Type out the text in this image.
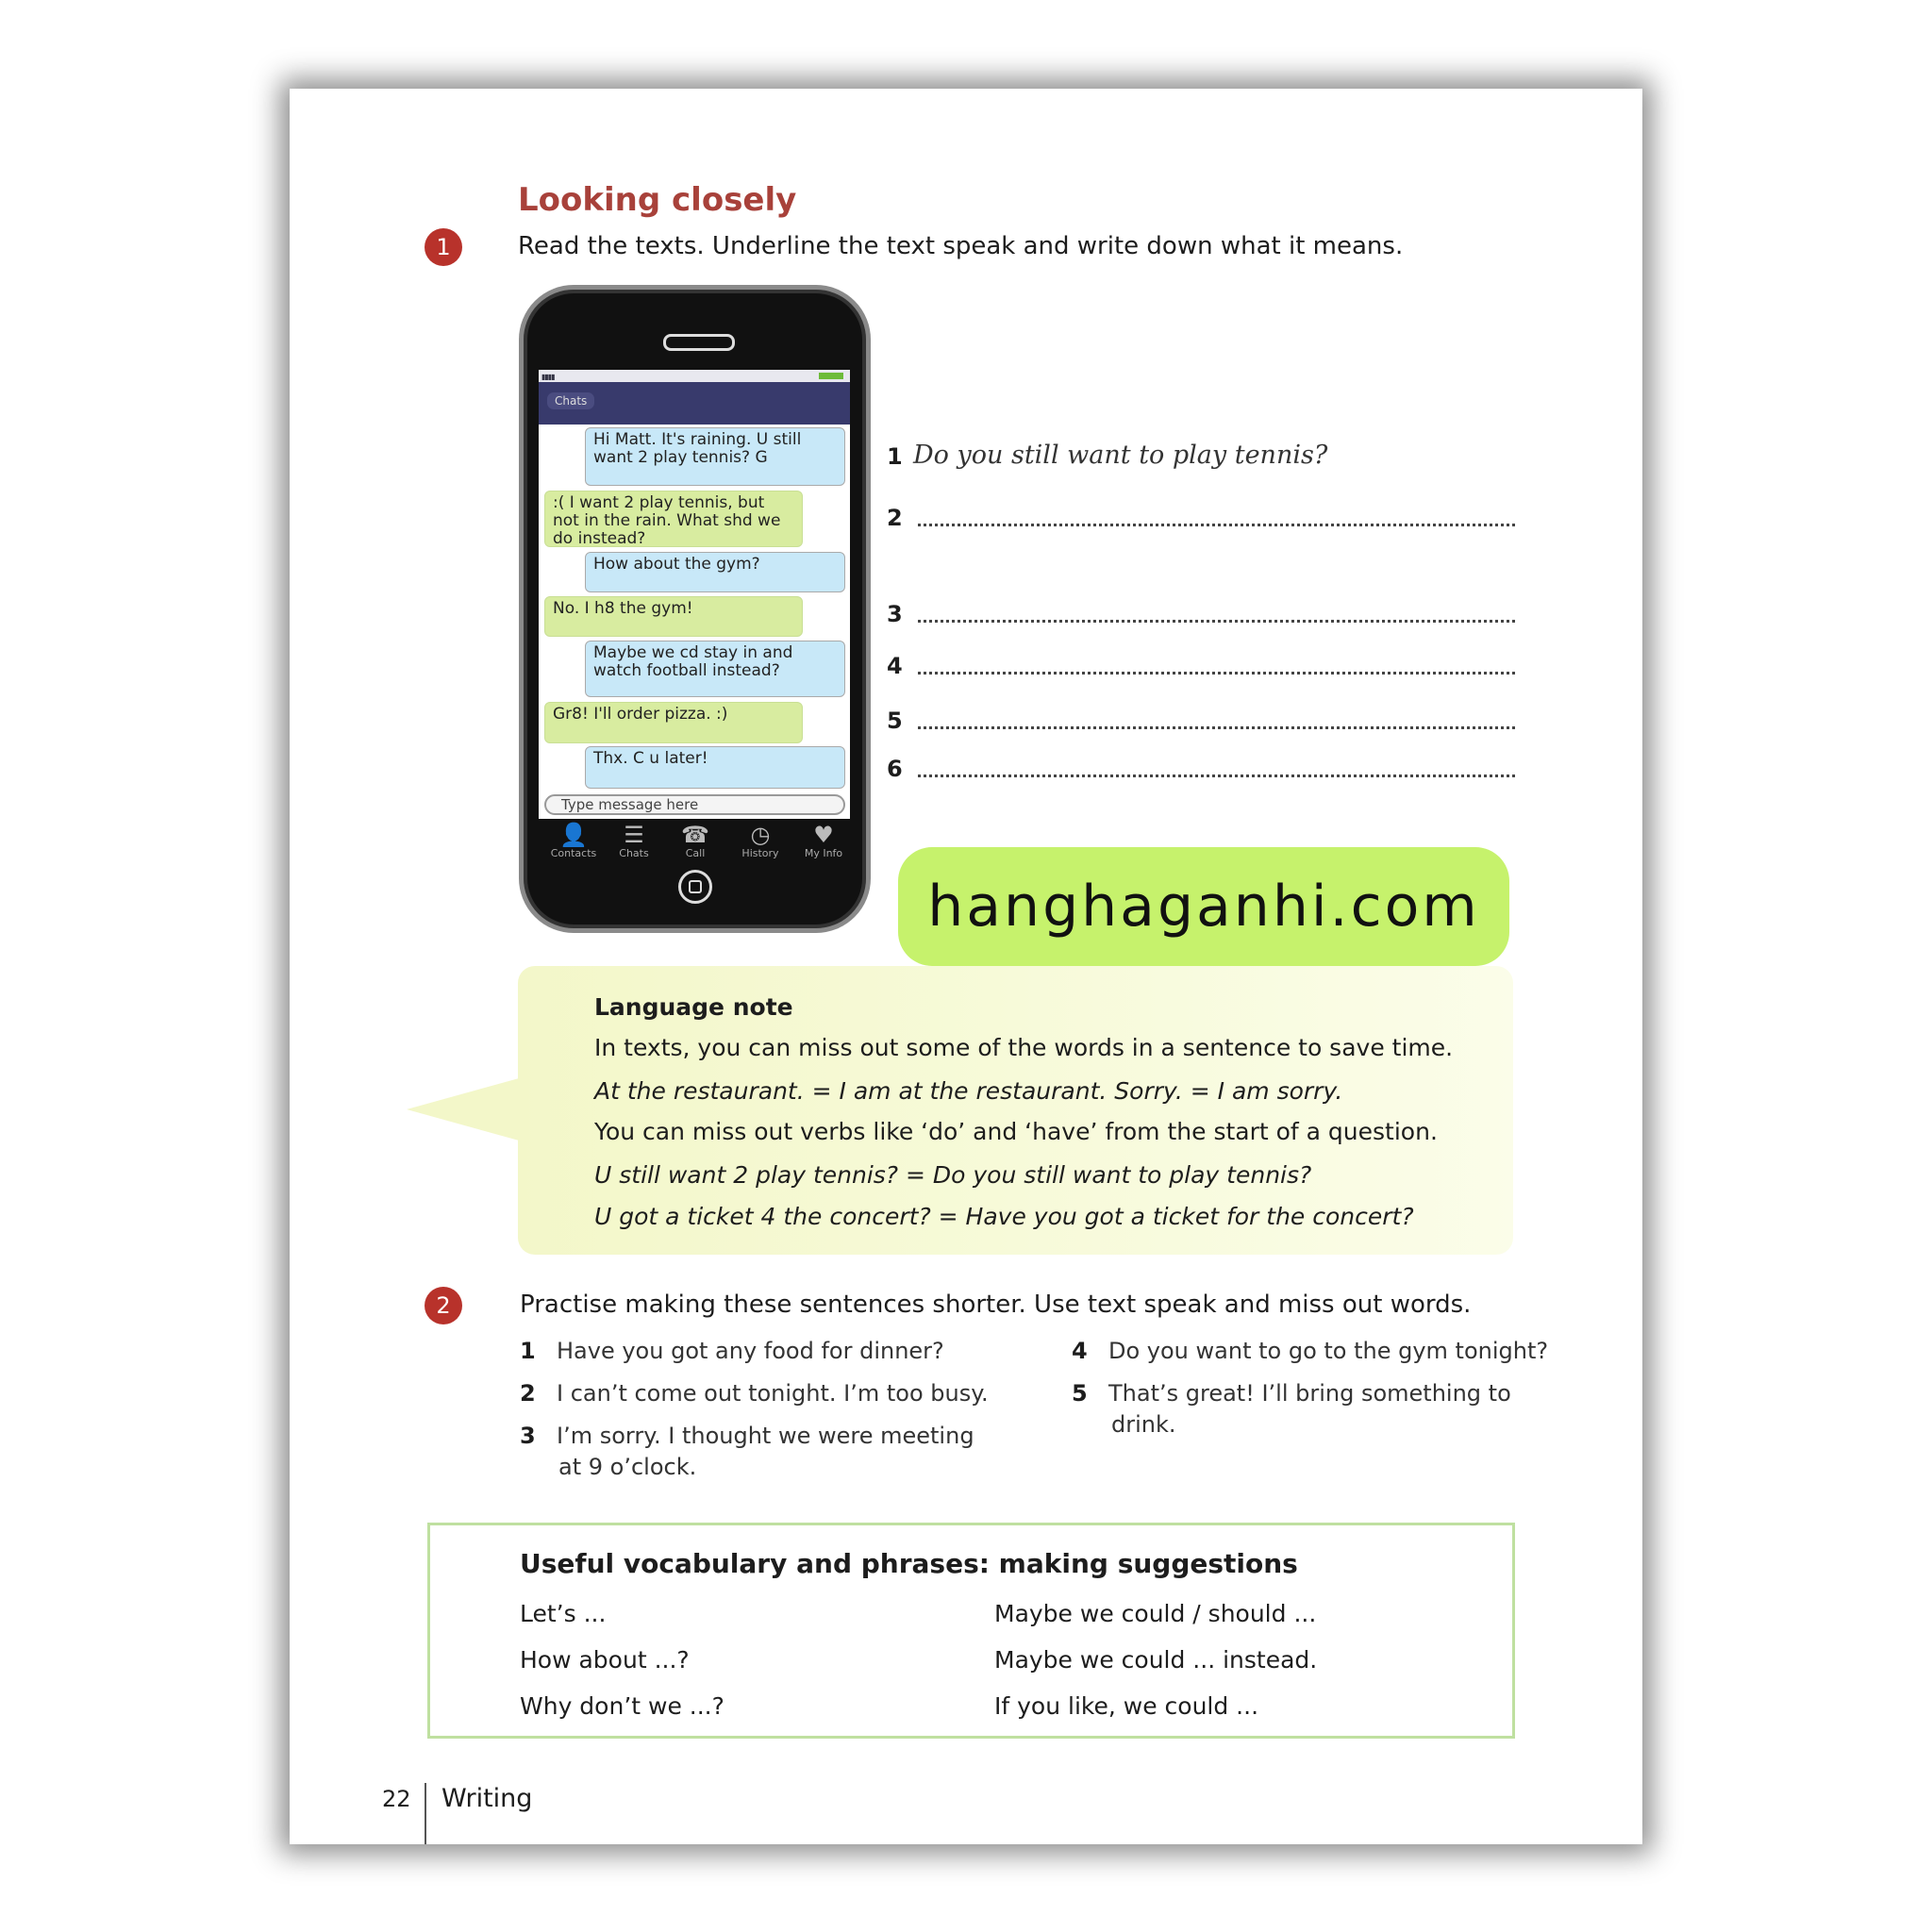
Looking closely
1	Read the texts. Underline the text speak and write down what it means.
▮▮▮▮
Chats
Hi Matt. It's raining. U still want 2 play tennis? G
:( I want 2 play tennis, but not in the rain. What shd we do instead?
How about the gym?
No. I h8 the gym!
Maybe we cd stay in and watch football instead?
Gr8! I'll order pizza. :)
Thx. C u later!
Type message here
👤
Contacts
☰
Chats
☎
Call
◷
History
♥
My Info
1 Do you still want to play tennis?
2
3
4
5
6
hanghaganhi.com
Language note
In texts, you can miss out some of the words in a sentence to save time.
At the restaurant. = I am at the restaurant. Sorry. = I am sorry.
You can miss out verbs like ‘do’ and ‘have’ from the start of a question.
U still want 2 play tennis? = Do you still want to play tennis?
U got a ticket 4 the concert? = Have you got a ticket for the concert?
2	Practise making these sentences shorter. Use text speak and miss out words.
1 Have you got any food for dinner?
2 I can’t come out tonight. I’m too busy.
3 I’m sorry. I thought we were meeting
at 9 o’clock.
4 Do you want to go to the gym tonight?
5 That’s great! I’ll bring something to
drink.
Useful vocabulary and phrases: making suggestions
Let’s ...
How about ...?
Why don’t we ...?
Maybe we could / should ...
Maybe we could ... instead.
If you like, we could ...
22 Writing
